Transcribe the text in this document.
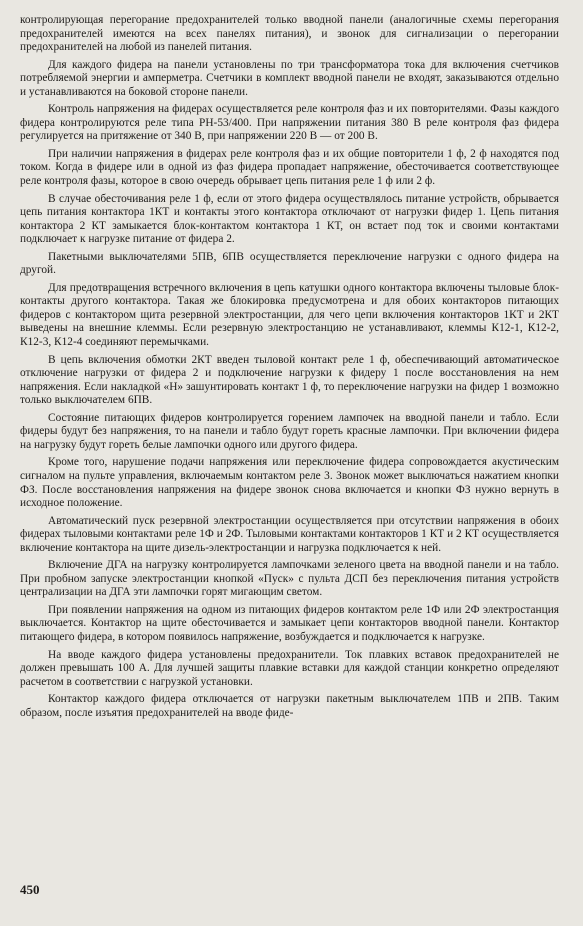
контролирующая перегорание предохранителей только вводной панели (аналогичные схемы перегорания предохранителей имеются на всех панелях питания), и звонок для сигнализации о перегорании предохранителей на любой из панелей питания.

Для каждого фидера на панели установлены по три трансформатора тока для включения счетчиков потребляемой энергии и амперметра. Счетчики в комплект вводной панели не входят, заказываются отдельно и устанавливаются на боковой стороне панели.

Контроль напряжения на фидерах осуществляется реле контроля фаз и их повторителями. Фазы каждого фидера контролируются реле типа РН-53/400. При напряжении питания 380 В реле контроля фаз фидера регулируется на притяжение от 340 В, при напряжении 220 В — от 200 В.

При наличии напряжения в фидерах реле контроля фаз и их общие повторители 1 ф, 2 ф находятся под током. Когда в фидере или в одной из фаз фидера пропадает напряжение, обесточивается соответствующее реле контроля фазы, которое в свою очередь обрывает цепь питания реле 1 ф или 2 ф.

В случае обесточивания реле 1 ф, если от этого фидера осуществлялось питание устройств, обрывается цепь питания контактора 1КТ и контакты этого контактора отключают от нагрузки фидер 1. Цепь питания контактора 2 КТ замыкается блок-контактом контактора 1 КТ, он встает под ток и своими контактами подключает к нагрузке питание от фидера 2.

Пакетными выключателями 5ПВ, 6ПВ осуществляется переключение нагрузки с одного фидера на другой.

Для предотвращения встречного включения в цепь катушки одного контактора включены тыловые блок-контакты другого контактора. Такая же блокировка предусмотрена и для обоих контакторов питающих фидеров с контактором щита резервной электростанции, для чего цепи включения контакторов 1КТ и 2КТ выведены на внешние клеммы. Если резервную электростанцию не устанавливают, клеммы К12-1, К12-2, К12-3, К12-4 соединяют перемычками.

В цепь включения обмотки 2КТ введен тыловой контакт реле 1 ф, обеспечивающий автоматическое отключение нагрузки от фидера 2 и подключение нагрузки к фидеру 1 после восстановления на нем напряжения. Если накладкой «Н» зашунтировать контакт 1 ф, то переключение нагрузки на фидер 1 возможно только выключателем 6ПВ.

Состояние питающих фидеров контролируется горением лампочек на вводной панели и табло. Если фидеры будут без напряжения, то на панели и табло будут гореть красные лампочки. При включении фидера на нагрузку будут гореть белые лампочки одного или другого фидера.

Кроме того, нарушение подачи напряжения или переключение фидера сопровождается акустическим сигналом на пульте управления, включаемым контактом реле 3. Звонок может выключаться нажатием кнопки ФЗ. После восстановления напряжения на фидере звонок снова включается и кнопки ФЗ нужно вернуть в исходное положение.

Автоматический пуск резервной электростанции осуществляется при отсутствии напряжения в обоих фидерах тыловыми контактами реле 1Ф и 2Ф. Тыловыми контактами контакторов 1 КТ и 2 КТ осуществляется включение контактора на щите дизель-электростанции и нагрузка подключается к ней.

Включение ДГА на нагрузку контролируется лампочками зеленого цвета на вводной панели и на табло. При пробном запуске электростанции кнопкой «Пуск» с пульта ДСП без переключения питания устройств централизации на ДГА эти лампочки горят мигающим светом.

При появлении напряжения на одном из питающих фидеров контактом реле 1Ф или 2Ф электростанция выключается. Контактор на щите обесточивается и замыкает цепи контакторов вводной панели. Контактор питающего фидера, в котором появилось напряжение, возбуждается и подключается к нагрузке.

На вводе каждого фидера установлены предохранители. Ток плавких вставок предохранителей не должен превышать 100 А. Для лучшей защиты плавкие вставки для каждой станции конкретно определяют расчетом в соответствии с нагрузкой установки.

Контактор каждого фидера отключается от нагрузки пакетным выключателем 1ПВ и 2ПВ. Таким образом, после изъятия предохранителей на вводе фиде-

450
